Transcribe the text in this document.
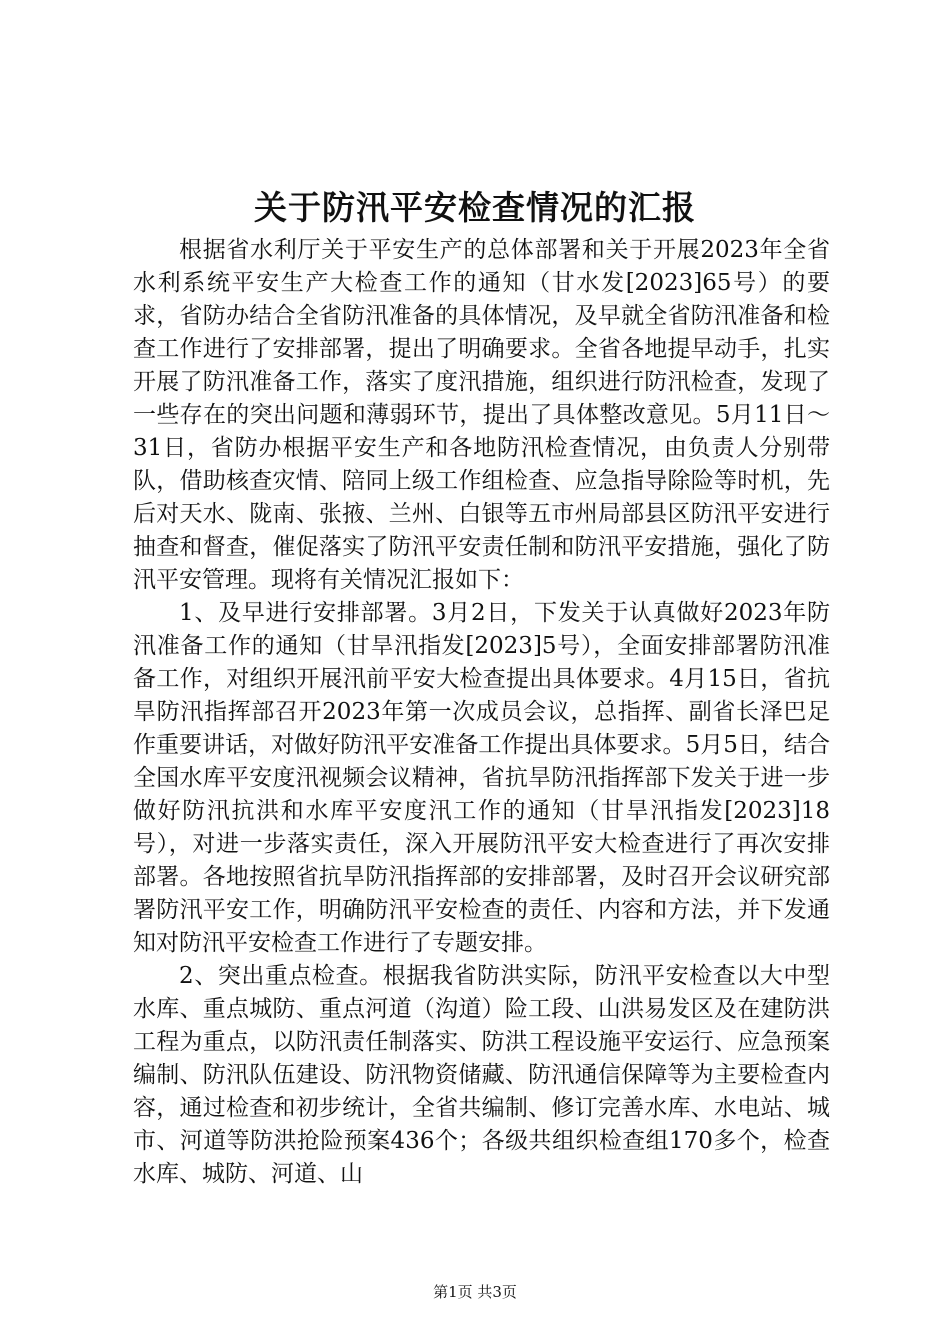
关于防汛平安检查情况的汇报

根据省水利厅关于平安生产的总体部署和关于开展2023年全省水利系统平安生产大检查工作的通知（甘水发[2023]65号）的要求，省防办结合全省防汛准备的具体情况，及早就全省防汛准备和检查工作进行了安排部署，提出了明确要求。全省各地提早动手，扎实开展了防汛准备工作，落实了度汛措施，组织进行防汛检查，发现了一些存在的突出问题和薄弱环节，提出了具体整改意见。5月11日～31日，省防办根据平安生产和各地防汛检查情况，由负责人分别带队，借助核查灾情、陪同上级工作组检查、应急指导除险等时机，先后对天水、陇南、张掖、兰州、白银等五市州局部县区防汛平安进行抽查和督查，催促落实了防汛平安责任制和防汛平安措施，强化了防汛平安管理。现将有关情况汇报如下：

1、及早进行安排部署。3月2日，下发关于认真做好2023年防汛准备工作的通知（甘旱汛指发[2023]5号），全面安排部署防汛准备工作，对组织开展汛前平安大检查提出具体要求。4月15日，省抗旱防汛指挥部召开2023年第一次成员会议，总指挥、副省长泽巴足作重要讲话，对做好防汛平安准备工作提出具体要求。5月5日，结合全国水库平安度汛视频会议精神，省抗旱防汛指挥部下发关于进一步做好防汛抗洪和水库平安度汛工作的通知（甘旱汛指发[2023]18号），对进一步落实责任，深入开展防汛平安大检查进行了再次安排部署。各地按照省抗旱防汛指挥部的安排部署，及时召开会议研究部署防汛平安工作，明确防汛平安检查的责任、内容和方法，并下发通知对防汛平安检查工作进行了专题安排。

2、突出重点检查。根据我省防洪实际，防汛平安检查以大中型水库、重点城防、重点河道（沟道）险工段、山洪易发区及在建防洪工程为重点，以防汛责任制落实、防洪工程设施平安运行、应急预案编制、防汛队伍建设、防汛物资储藏、防汛通信保障等为主要检查内容，通过检查和初步统计，全省共编制、修订完善水库、水电站、城市、河道等防洪抢险预案436个；各级共组织检查组170多个，检查水库、城防、河道、山

第1页 共3页
